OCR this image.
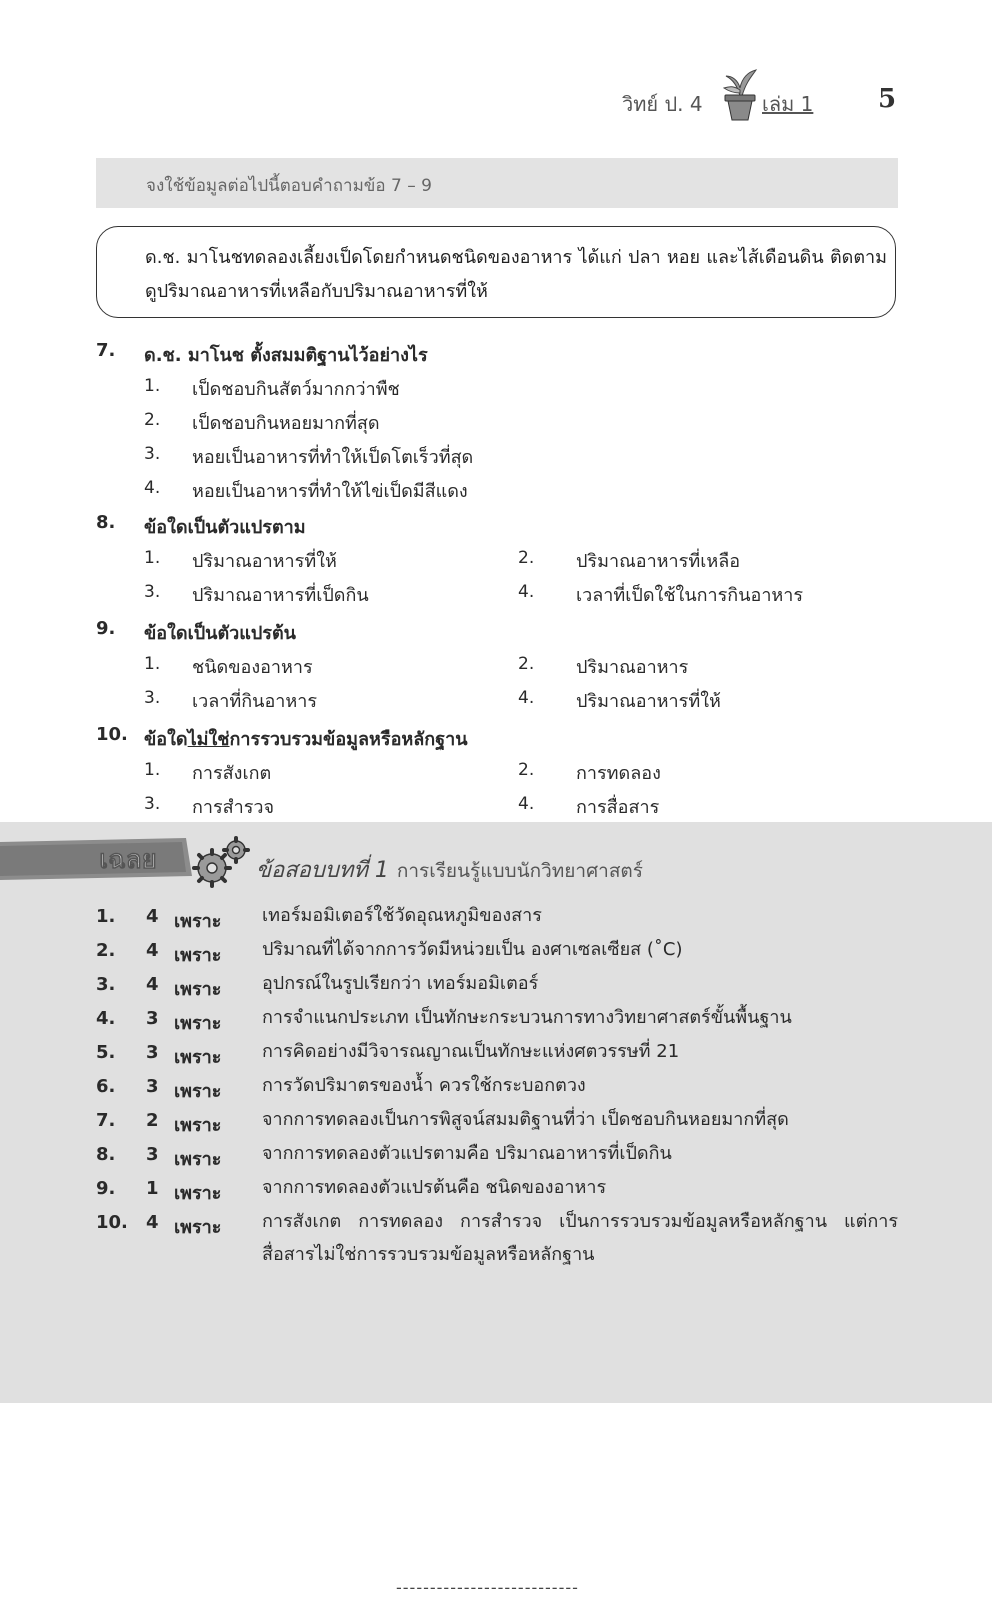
วิทย์ ป. 4	เล่ม 1 5
จงใช้ข้อมูลต่อไปนี้ตอบคำถามข้อ 7 – 9
ด.ช. มาโนชทดลองเลี้ยงเป็ดโดยกำหนดชนิดของอาหาร ได้แก่ ปลา หอย และไส้เดือนดิน ติดตาม
ดูปริมาณอาหารที่เหลือกับปริมาณอาหารที่ให้
7. ด.ช. มาโนช ตั้งสมมติฐานไว้อย่างไร
1. เป็ดชอบกินสัตว์มากกว่าพืช
2. เป็ดชอบกินหอยมากที่สุด
3. หอยเป็นอาหารที่ทำให้เป็ดโตเร็วที่สุด
4. หอยเป็นอาหารที่ทำให้ไข่เป็ดมีสีแดง
8. ข้อใดเป็นตัวแปรตาม
1. ปริมาณอาหารที่ให้	2. ปริมาณอาหารที่เหลือ
3. ปริมาณอาหารที่เป็ดกิน	4. เวลาที่เป็ดใช้ในการกินอาหาร
9. ข้อใดเป็นตัวแปรต้น
1. ชนิดของอาหาร	2. ปริมาณอาหาร
3. เวลาที่กินอาหาร	4. ปริมาณอาหารที่ให้
10. ข้อใดไม่ใช่การรวบรวมข้อมูลหรือหลักฐาน
1. การสังเกต	2. การทดลอง
3. การสำรวจ	4. การสื่อสาร
เฉลย	ข้อสอบบทที่ 1 การเรียนรู้แบบนักวิทยาศาสตร์
1. 4 เพราะ เทอร์มอมิเตอร์ใช้วัดอุณหภูมิของสาร
2. 4 เพราะ ปริมาณที่ได้จากการวัดมีหน่วยเป็น องศาเซลเซียส (˚C)
3. 4 เพราะ อุปกรณ์ในรูปเรียกว่า เทอร์มอมิเตอร์
4. 3 เพราะ การจำแนกประเภท เป็นทักษะกระบวนการทางวิทยาศาสตร์ขั้นพื้นฐาน
5. 3 เพราะ การคิดอย่างมีวิจารณญาณเป็นทักษะแห่งศตวรรษที่ 21
6. 3 เพราะ การวัดปริมาตรของน้ำ ควรใช้กระบอกตวง
7. 2 เพราะ จากการทดลองเป็นการพิสูจน์สมมติฐานที่ว่า เป็ดชอบกินหอยมากที่สุด
8. 3 เพราะ จากการทดลองตัวแปรตามคือ ปริมาณอาหารที่เป็ดกิน
9. 1 เพราะ จากการทดลองตัวแปรต้นคือ ชนิดของอาหาร
10. 4 เพราะ การสังเกต การทดลอง การสำรวจ เป็นการรวบรวมข้อมูลหรือหลักฐาน แต่การ
สื่อสารไม่ใช่การรวบรวมข้อมูลหรือหลักฐาน
---------------------------
